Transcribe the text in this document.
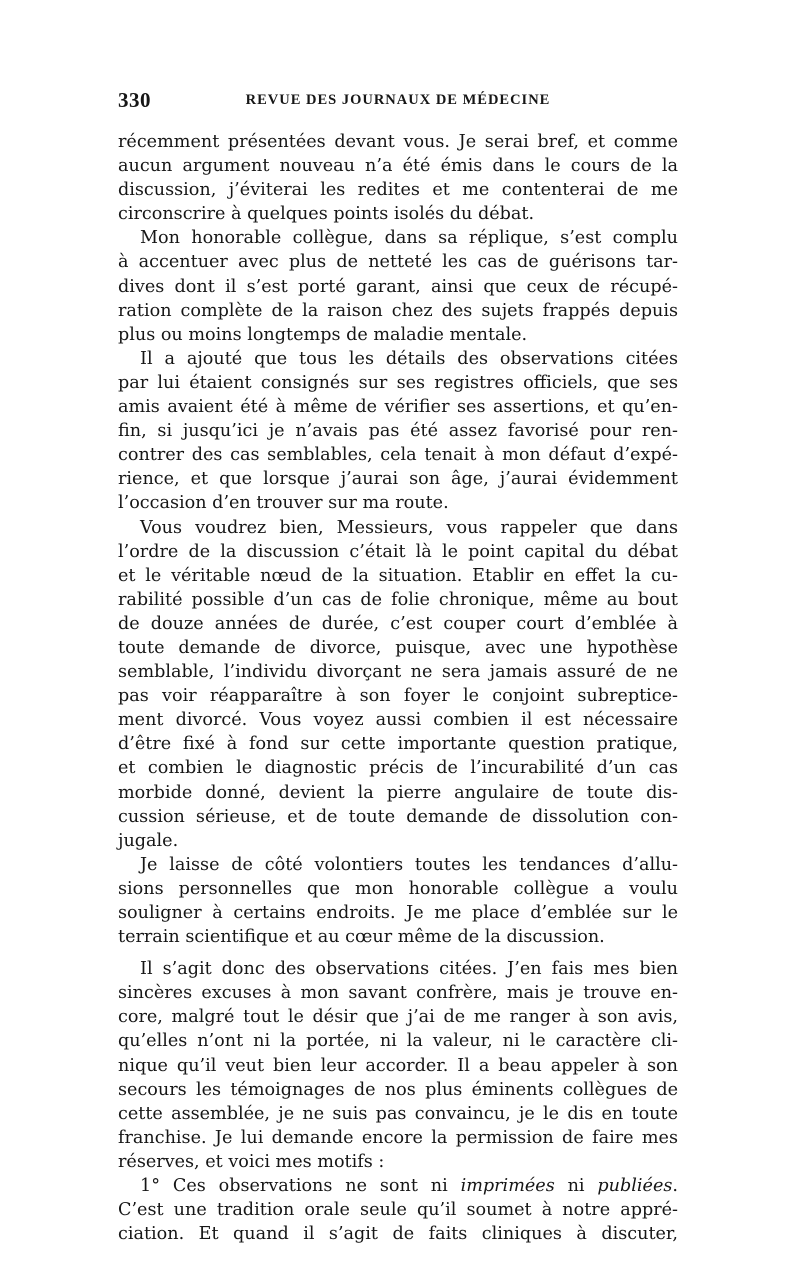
330	REVUE DES JOURNAUX DE MÉDECINE
récemment présentées devant vous. Je serai bref, et comme
aucun argument nouveau n’a été émis dans le cours de la
discussion, j’éviterai les redites et me contenterai de me
circonscrire à quelques points isolés du débat.
Mon honorable collègue, dans sa réplique, s’est complu
à accentuer avec plus de netteté les cas de guérisons tar-
dives dont il s’est porté garant, ainsi que ceux de récupé-
ration complète de la raison chez des sujets frappés depuis
plus ou moins longtemps de maladie mentale.
Il a ajouté que tous les détails des observations citées
par lui étaient consignés sur ses registres officiels, que ses
amis avaient été à même de vérifier ses assertions, et qu’en-
fin, si jusqu’ici je n’avais pas été assez favorisé pour ren-
contrer des cas semblables, cela tenait à mon défaut d’expé-
rience, et que lorsque j’aurai son âge, j’aurai évidemment
l’occasion d’en trouver sur ma route.
Vous voudrez bien, Messieurs, vous rappeler que dans
l’ordre de la discussion c’était là le point capital du débat
et le véritable nœud de la situation. Etablir en effet la cu-
rabilité possible d’un cas de folie chronique, même au bout
de douze années de durée, c’est couper court d’emblée à
toute demande de divorce, puisque, avec une hypothèse
semblable, l’individu divorçant ne sera jamais assuré de ne
pas voir réapparaître à son foyer le conjoint subreptice-
ment divorcé. Vous voyez aussi combien il est nécessaire
d’être fixé à fond sur cette importante question pratique,
et combien le diagnostic précis de l’incurabilité d’un cas
morbide donné, devient la pierre angulaire de toute dis-
cussion sérieuse, et de toute demande de dissolution con-
jugale.
Je laisse de côté volontiers toutes les tendances d’allu-
sions personnelles que mon honorable collègue a voulu
souligner à certains endroits. Je me place d’emblée sur le
terrain scientifique et au cœur même de la discussion.
Il s’agit donc des observations citées. J’en fais mes bien
sincères excuses à mon savant confrère, mais je trouve en-
core, malgré tout le désir que j’ai de me ranger à son avis,
qu’elles n’ont ni la portée, ni la valeur, ni le caractère cli-
nique qu’il veut bien leur accorder. Il a beau appeler à son
secours les témoignages de nos plus éminents collègues de
cette assemblée, je ne suis pas convaincu, je le dis en toute
franchise. Je lui demande encore la permission de faire mes
réserves, et voici mes motifs :
1° Ces observations ne sont ni imprimées ni publiées.
C’est une tradition orale seule qu’il soumet à notre appré-
ciation. Et quand il s’agit de faits cliniques à discuter,
